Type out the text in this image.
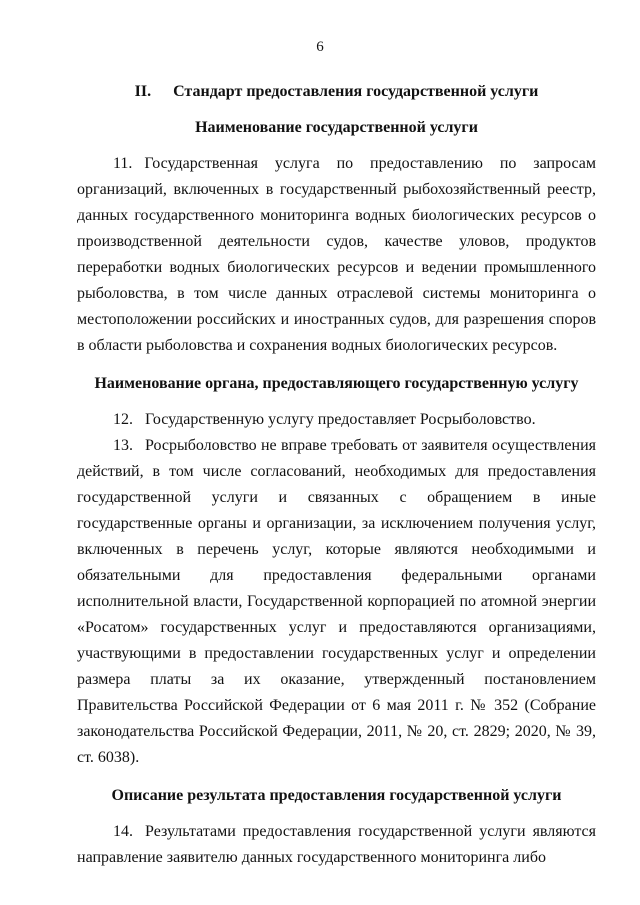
6

II. Стандарт предоставления государственной услуги

Наименование государственной услуги

11. Государственная услуга по предоставлению по запросам организаций, включенных в государственный рыбохозяйственный реестр, данных государственного мониторинга водных биологических ресурсов о производственной деятельности судов, качестве уловов, продуктов переработки водных биологических ресурсов и ведении промышленного рыболовства, в том числе данных отраслевой системы мониторинга о местоположении российских и иностранных судов, для разрешения споров в области рыболовства и сохранения водных биологических ресурсов.

Наименование органа, предоставляющего государственную услугу

12. Государственную услугу предоставляет Росрыболовство.

13. Росрыболовство не вправе требовать от заявителя осуществления действий, в том числе согласований, необходимых для предоставления государственной услуги и связанных с обращением в иные государственные органы и организации, за исключением получения услуг, включенных в перечень услуг, которые являются необходимыми и обязательными для предоставления федеральными органами исполнительной власти, Государственной корпорацией по атомной энергии «Росатом» государственных услуг и предоставляются организациями, участвующими в предоставлении государственных услуг и определении размера платы за их оказание, утвержденный постановлением Правительства Российской Федерации от 6 мая 2011 г. № 352 (Собрание законодательства Российской Федерации, 2011, № 20, ст. 2829; 2020, № 39, ст. 6038).

Описание результата предоставления государственной услуги

14. Результатами предоставления государственной услуги являются направление заявителю данных государственного мониторинга либо
